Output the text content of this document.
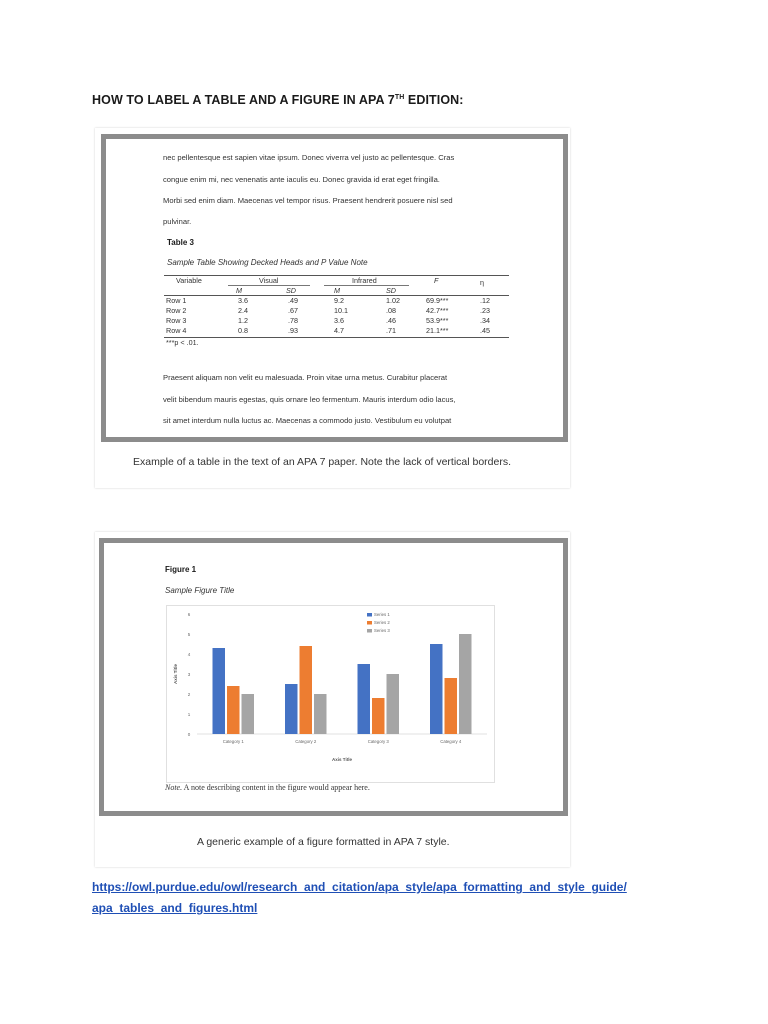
HOW TO LABEL A TABLE AND A FIGURE IN APA 7TH EDITION:
nec pellentesque est sapien vitae ipsum. Donec viverra vel justo ac pellentesque. Cras
congue enim mi, nec venenatis ante iaculis eu. Donec gravida id erat eget fringilla.
Morbi sed enim diam. Maecenas vel tempor risus. Praesent hendrerit posuere nisl sed
pulvinar.
Table 3
Sample Table Showing Decked Heads and P Value Note
Variable	Visual	Infrared	F	η
M	SD	M	SD
Row 1	3.6	.49	9.2	1.02	69.9***	.12
Row 2	2.4	.67	10.1	.08	42.7***	.23
Row 3	1.2	.78	3.6	.46	53.9***	.34
Row 4	0.8	.93	4.7	.71	21.1***	.45
***p < .01.
Praesent aliquam non velit eu malesuada. Proin vitae urna metus. Curabitur placerat
velit bibendum mauris egestas, quis ornare leo fermentum. Mauris interdum odio lacus,
sit amet interdum nulla luctus ac. Maecenas a commodo justo. Vestibulum eu volutpat
Example of a table in the text of an APA 7 paper. Note the lack of vertical borders.
Figure 1
Sample Figure Title
0
1
2
3
4
5
6
Category 1	Category 2	Category 3	Category 4
Axis Title
Axis Title
Series 1
Series 2
Series 3
Note. A note describing content in the figure would appear here.
A generic example of a figure formatted in APA 7 style.
https://owl.purdue.edu/owl/research_and_citation/apa_style/apa_formatting_and_style_guide/
apa_tables_and_figures.html
